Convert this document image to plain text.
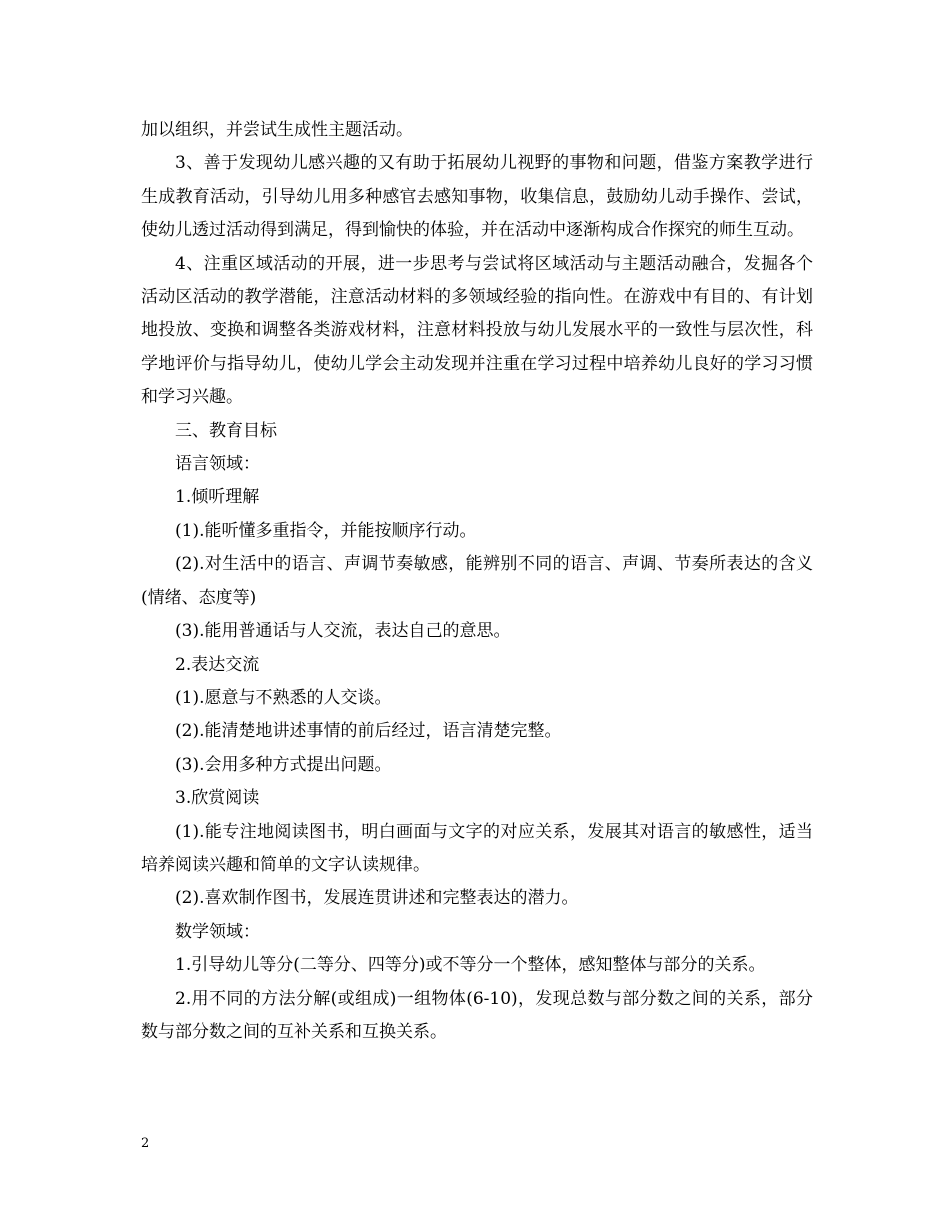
加以组织，并尝试生成性主题活动。

3、善于发现幼儿感兴趣的又有助于拓展幼儿视野的事物和问题，借鉴方案教学进行生成教育活动，引导幼儿用多种感官去感知事物，收集信息，鼓励幼儿动手操作、尝试，使幼儿透过活动得到满足，得到愉快的体验，并在活动中逐渐构成合作探究的师生互动。

4、注重区域活动的开展，进一步思考与尝试将区域活动与主题活动融合，发掘各个活动区活动的教学潜能，注意活动材料的多领域经验的指向性。在游戏中有目的、有计划地投放、变换和调整各类游戏材料，注意材料投放与幼儿发展水平的一致性与层次性，科学地评价与指导幼儿，使幼儿学会主动发现并注重在学习过程中培养幼儿良好的学习习惯和学习兴趣。

三、教育目标

语言领域：

1.倾听理解

(1).能听懂多重指令，并能按顺序行动。

(2).对生活中的语言、声调节奏敏感，能辨别不同的语言、声调、节奏所表达的含义(情绪、态度等)

(3).能用普通话与人交流，表达自己的意思。

2.表达交流

(1).愿意与不熟悉的人交谈。

(2).能清楚地讲述事情的前后经过，语言清楚完整。

(3).会用多种方式提出问题。

3.欣赏阅读

(1).能专注地阅读图书，明白画面与文字的对应关系，发展其对语言的敏感性，适当培养阅读兴趣和简单的文字认读规律。

(2).喜欢制作图书，发展连贯讲述和完整表达的潜力。

数学领域：

1.引导幼儿等分(二等分、四等分)或不等分一个整体，感知整体与部分的关系。

2.用不同的方法分解(或组成)一组物体(6-10)，发现总数与部分数之间的关系，部分数与部分数之间的互补关系和互换关系。

2
